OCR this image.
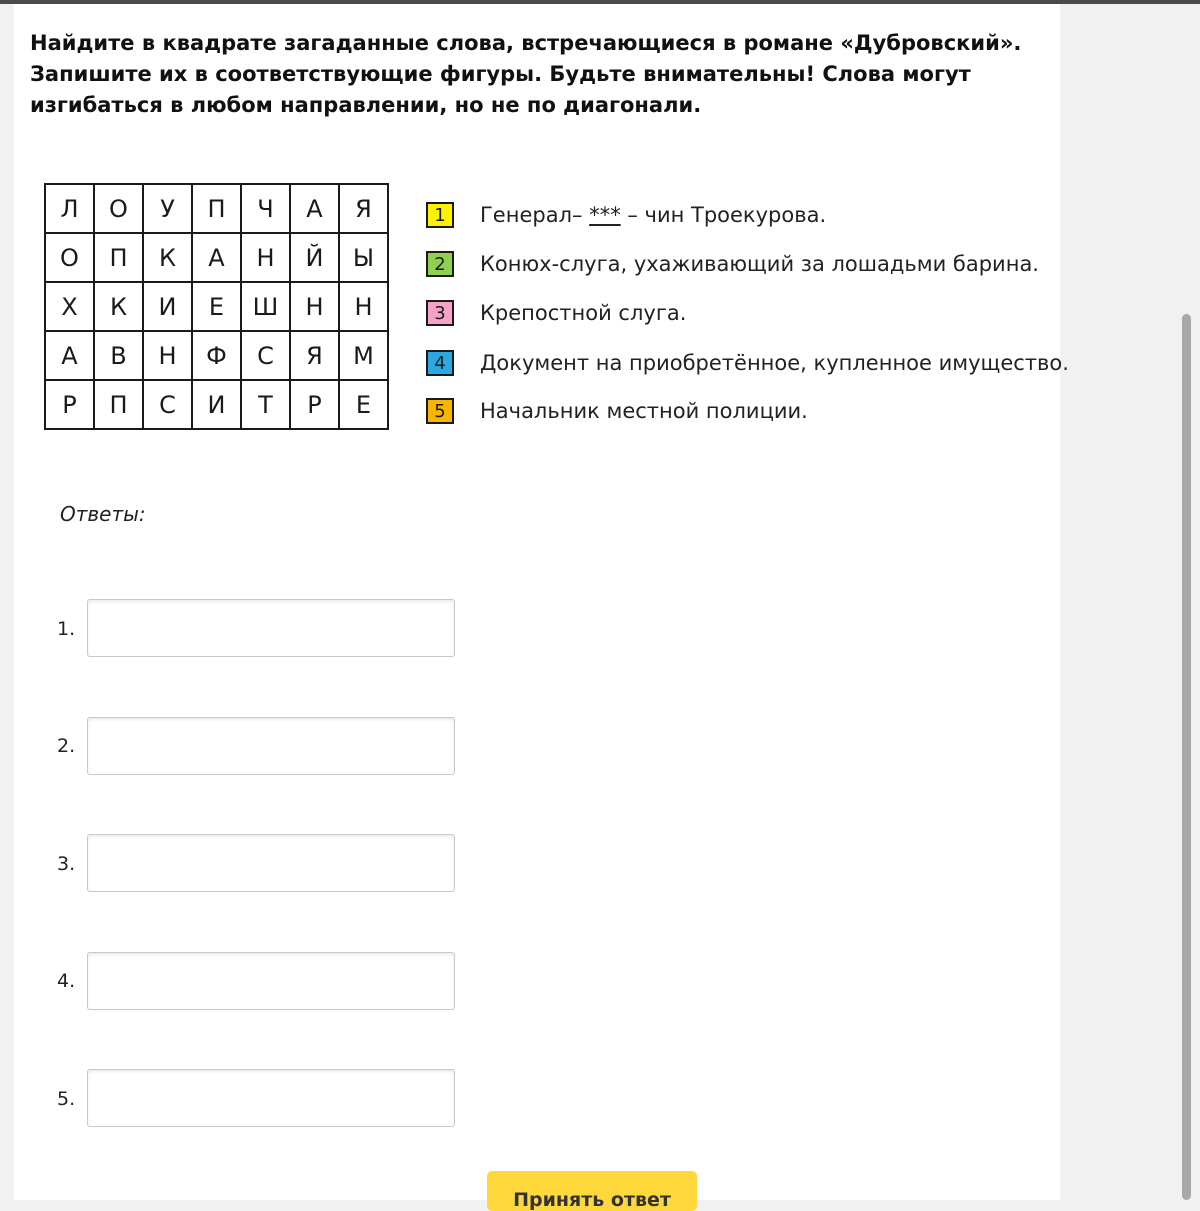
Найдите в квадрате загаданные слова, встречающиеся в романе «Дубровский». Запишите их в соответствующие фигуры. Будьте внимательны! Слова могут изгибаться в любом направлении, но не по диагонали.

Л	О	У	П	Ч	А	Я
О	П	К	А	Н	Й	Ы
Х	К	И	Е	Ш	Н	Н
А	В	Н	Ф	С	Я	М
Р	П	С	И	Т	Р	Е
1	Генерал– *** – чин Троекурова.
2	Конюх-слуга, ухаживающий за лошадьми барина.
3	Крепостной слуга.
4	Документ на приобретённое, купленное имущество.
5	Начальник местной полиции.
Ответы:
1.
2.
3.
4.
5.
Принять ответ
